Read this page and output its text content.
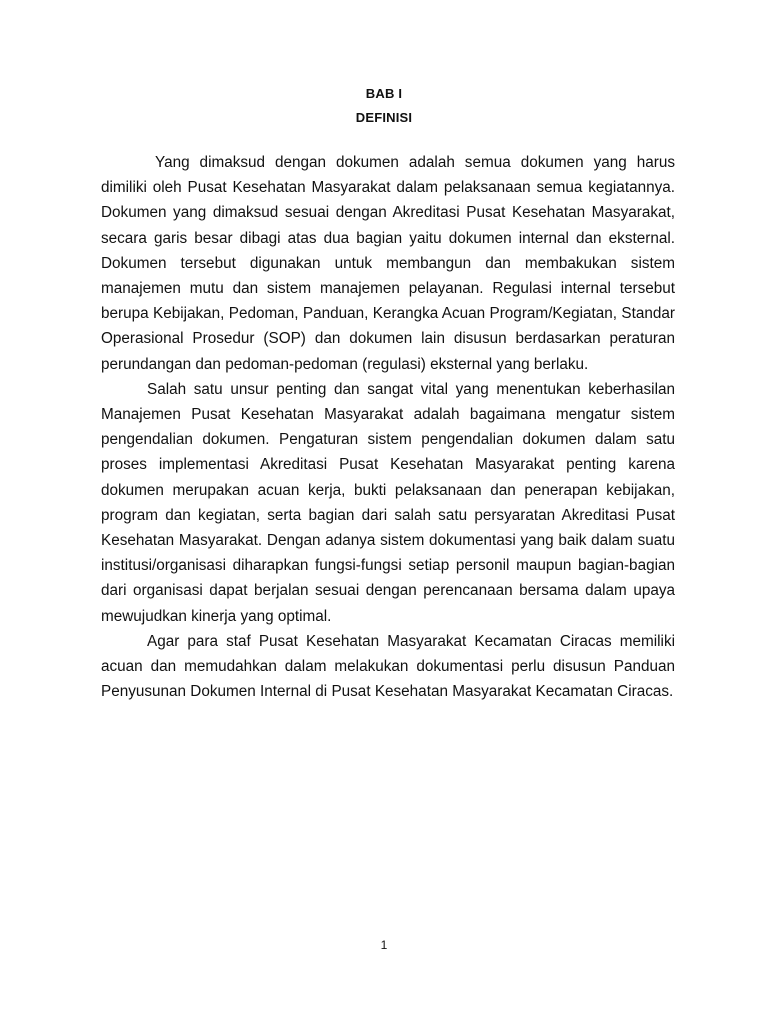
BAB I
DEFINISI

Yang dimaksud dengan dokumen adalah semua dokumen yang harus dimiliki oleh Pusat Kesehatan Masyarakat dalam pelaksanaan semua kegiatannya. Dokumen yang dimaksud sesuai dengan Akreditasi Pusat Kesehatan Masyarakat, secara garis besar dibagi atas dua bagian yaitu dokumen internal dan eksternal. Dokumen tersebut digunakan untuk membangun dan membakukan sistem manajemen mutu dan sistem manajemen pelayanan. Regulasi internal tersebut berupa Kebijakan, Pedoman, Panduan, Kerangka Acuan Program/Kegiatan, Standar Operasional Prosedur (SOP) dan dokumen lain disusun berdasarkan peraturan perundangan dan pedoman-pedoman (regulasi) eksternal yang berlaku.

Salah satu unsur penting dan sangat vital yang menentukan keberhasilan Manajemen Pusat Kesehatan Masyarakat adalah bagaimana mengatur sistem pengendalian dokumen. Pengaturan sistem pengendalian dokumen dalam satu proses implementasi Akreditasi Pusat Kesehatan Masyarakat penting karena dokumen merupakan acuan kerja, bukti pelaksanaan dan penerapan kebijakan, program dan kegiatan, serta bagian dari salah satu persyaratan Akreditasi Pusat Kesehatan Masyarakat. Dengan adanya sistem dokumentasi yang baik dalam suatu institusi/organisasi diharapkan fungsi-fungsi setiap personil maupun bagian-bagian dari organisasi dapat berjalan sesuai dengan perencanaan bersama dalam upaya mewujudkan kinerja yang optimal.

Agar para staf Pusat Kesehatan Masyarakat Kecamatan Ciracas memiliki acuan dan memudahkan dalam melakukan dokumentasi perlu disusun Panduan Penyusunan Dokumen Internal di Pusat Kesehatan Masyarakat Kecamatan Ciracas.

1
